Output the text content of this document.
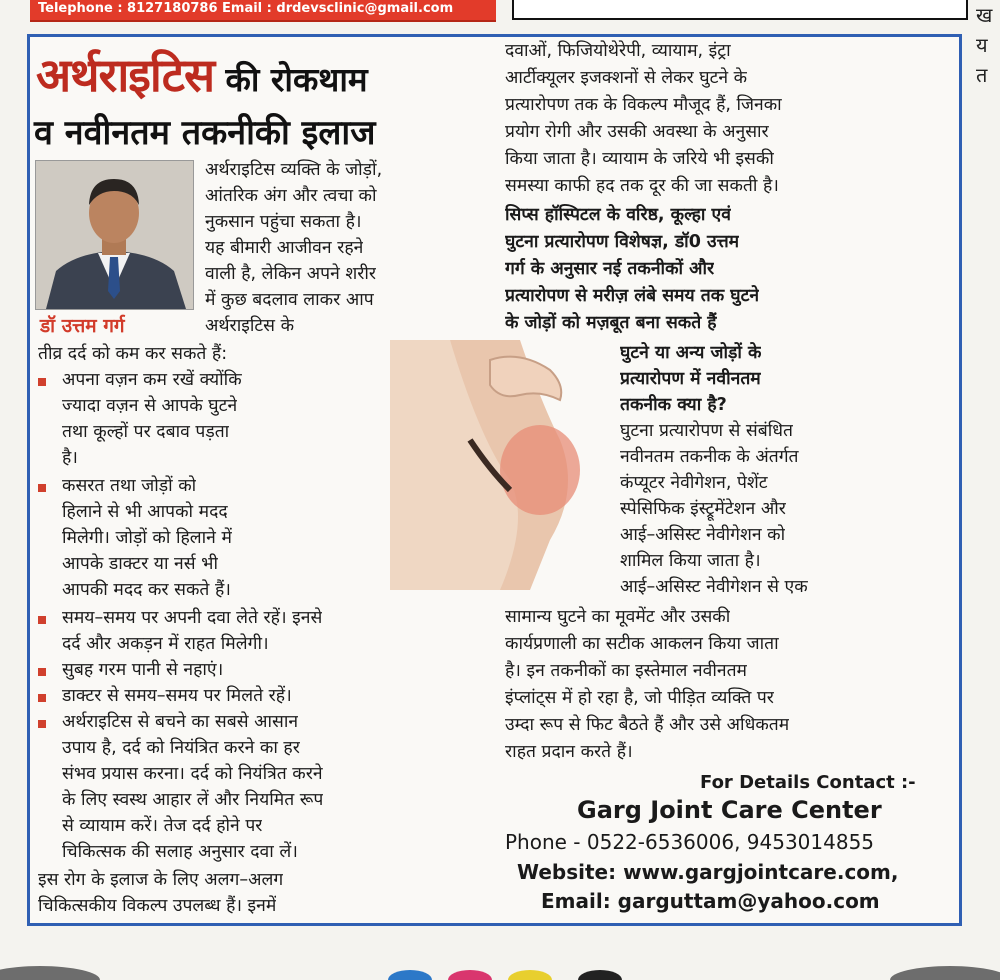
Telephone : 8127180786 Email : drdevsclinic@gmail.com	ख
य
त
अर्थराइटिस की रोकथाम
व नवीनतम तकनीकी इलाज
डॉ उत्तम गर्ग
अर्थराइटिस व्यक्ति के जोड़ों,
आंतरिक अंग और त्वचा को
नुकसान पहुंचा सकता है।
यह बीमारी आजीवन रहने
वाली है, लेकिन अपने शरीर
में कुछ बदलाव लाकर आप
अर्थराइटिस के
तीव्र दर्द को कम कर सकते हैं:
अपना वज़न कम रखें क्योंकि
ज्यादा वज़न से आपके घुटने
तथा कूल्हों पर दबाव पड़ता
है।
कसरत तथा जोड़ों को
हिलाने से भी आपको मदद
मिलेगी। जोड़ों को हिलाने में
आपके डाक्टर या नर्स भी
आपकी मदद कर सकते हैं।
समय–समय पर अपनी दवा लेते रहें। इनसे
दर्द और अकड़न में राहत मिलेगी।
सुबह गरम पानी से नहाएं।
डाक्टर से समय–समय पर मिलते रहें।
अर्थराइटिस से बचने का सबसे आसान
उपाय है, दर्द को नियंत्रित करने का हर
संभव प्रयास करना। दर्द को नियंत्रित करने
के लिए स्वस्थ आहार लें और नियमित रूप
से व्यायाम करें। तेज दर्द होने पर
चिकित्सक की सलाह अनुसार दवा लें।
इस रोग के इलाज के लिए अलग–अलग
चिकित्सकीय विकल्प उपलब्ध हैं। इनमें
दवाओं, फिजियोथेरेपी, व्यायाम, इंट्रा
आर्टीक्यूलर इजक्शनों से लेकर घुटने के
प्रत्यारोपण तक के विकल्प मौजूद हैं, जिनका
प्रयोग रोगी और उसकी अवस्था के अनुसार
किया जाता है। व्यायाम के जरिये भी इसकी
समस्या काफी हद तक दूर की जा सकती है।
सिप्स हॉस्पिटल के वरिष्ठ, कूल्हा एवं
घुटना प्रत्यारोपण विशेषज्ञ, डॉ0 उत्तम
गर्ग के अनुसार नई तकनीकों और
प्रत्यारोपण से मरीज़ लंबे समय तक घुटने
के जोड़ों को मज़बूत बना सकते हैं
घुटने या अन्य जोड़ों के
प्रत्यारोपण में नवीनतम
तकनीक क्या है?
घुटना प्रत्यारोपण से संबंधित
नवीनतम तकनीक के अंतर्गत
कंप्यूटर नेवीगेशन, पेशेंट
स्पेसिफिक इंस्ट्रूमेंटेशन और
आई–असिस्ट नेवीगेशन को
शामिल किया जाता है।
आई–असिस्ट नेवीगेशन से एक
सामान्य घुटने का मूवमेंट और उसकी
कार्यप्रणाली का सटीक आकलन किया जाता
है। इन तकनीकों का इस्तेमाल नवीनतम
इंप्लांट्स में हो रहा है, जो पीड़ित व्यक्ति पर
उम्दा रूप से फिट बैठते हैं और उसे अधिकतम
राहत प्रदान करते हैं।
For Details Contact :-
Garg Joint Care Center
Phone - 0522-6536006, 9453014855
Website: www.gargjointcare.com,
Email: garguttam@yahoo.com
